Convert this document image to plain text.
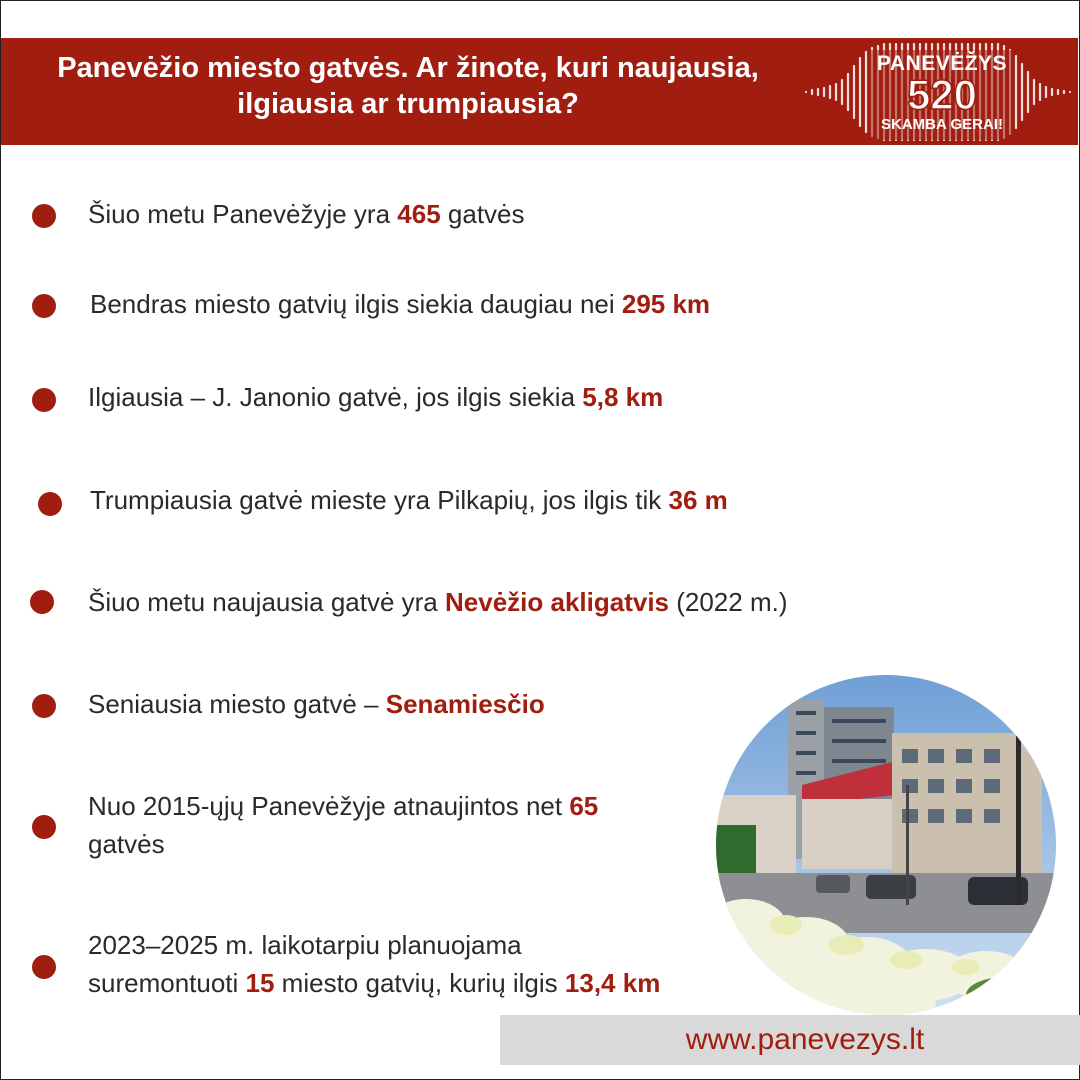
Panevėžio miesto gatvės. Ar žinote, kuri naujausia,
ilgiausia ar trumpiausia?
PANEVĖŽYS
520
SKAMBA GERAI!
Šiuo metu Panevėžyje yra 465 gatvės
Bendras miesto gatvių ilgis siekia daugiau nei 295 km
Ilgiausia – J. Janonio gatvė, jos ilgis siekia 5,8 km
Trumpiausia gatvė mieste yra Pilkapių, jos ilgis tik 36 m
Šiuo metu naujausia gatvė yra Nevėžio akligatvis (2022 m.)
Seniausia miesto gatvė – Senamiesčio
Nuo 2015-ųjų Panevėžyje atnaujintos net 65
gatvės
2023–2025 m. laikotarpiu planuojama
suremontuoti 15 miesto gatvių, kurių ilgis 13,4 km
www.panevezys.lt
